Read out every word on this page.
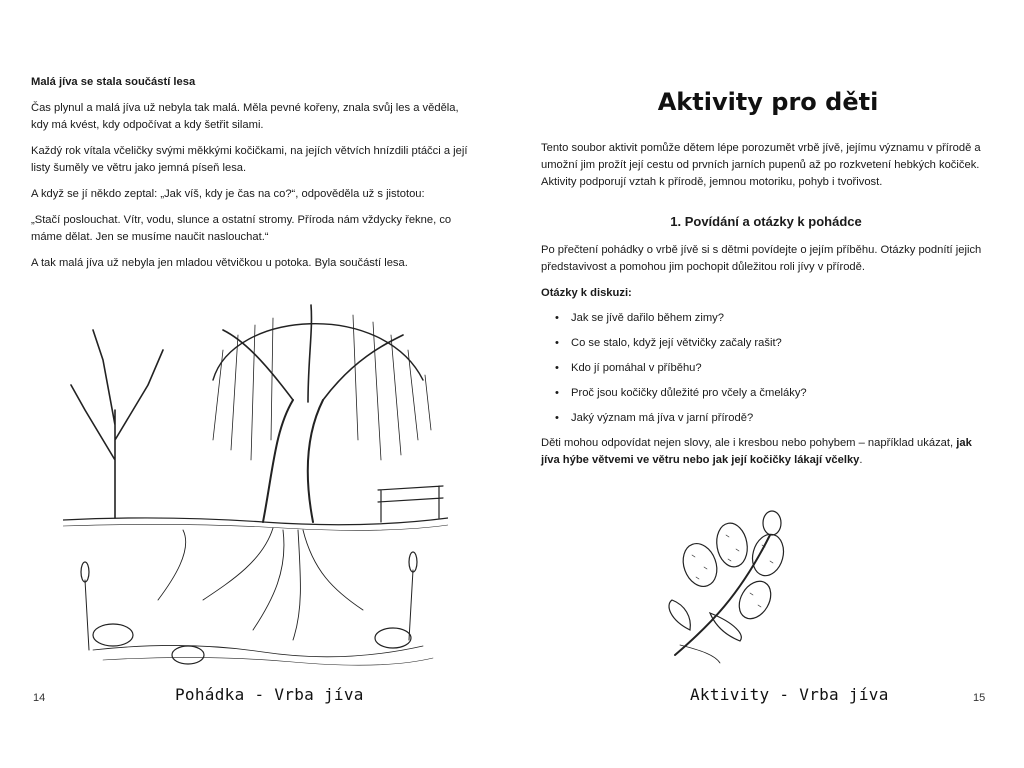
Malá jíva se stala součástí lesa

Čas plynul a malá jíva už nebyla tak malá. Měla pevné kořeny, znala svůj les a věděla, kdy má kvést, kdy odpočívat a kdy šetřit silami.

Každý rok vítala včeličky svými měkkými kočičkami, na jejích větvích hnízdili ptáčci a její listy šuměly ve větru jako jemná píseň lesa.

A když se jí někdo zeptal: „Jak víš, kdy je čas na co?“, odpověděla už s jistotou:

„Stačí poslouchat. Vítr, vodu, slunce a ostatní stromy. Příroda nám vždycky řekne, co máme dělat. Jen se musíme naučit naslouchat.“

A tak malá jíva už nebyla jen mladou větvičkou u potoka. Byla součástí lesa.

Pohádka - Vrba jíva
14
Aktivity pro děti

Tento soubor aktivit pomůže dětem lépe porozumět vrbě jívě, jejímu významu v přírodě a umožní jim prožít její cestu od prvních jarních pupenů až po rozkvetení hebkých kočiček. Aktivity podporují vztah k přírodě, jemnou motoriku, pohyb i tvořivost.

1. Povídání a otázky k pohádce

Po přečtení pohádky o vrbě jívě si s dětmi povídejte o jejím příběhu. Otázky podnítí jejich představivost a pomohou jim pochopit důležitou roli jívy v přírodě.

Otázky k diskuzi:

• Jak se jívě dařilo během zimy?
• Co se stalo, když její větvičky začaly rašit?
• Kdo jí pomáhal v příběhu?
• Proč jsou kočičky důležité pro včely a čmeláky?
• Jaký význam má jíva v jarní přírodě?

Děti mohou odpovídat nejen slovy, ale i kresbou nebo pohybem – například ukázat, jak jíva hýbe větvemi ve větru nebo jak její kočičky lákají včelky.

Aktivity - Vrba jíva	15
